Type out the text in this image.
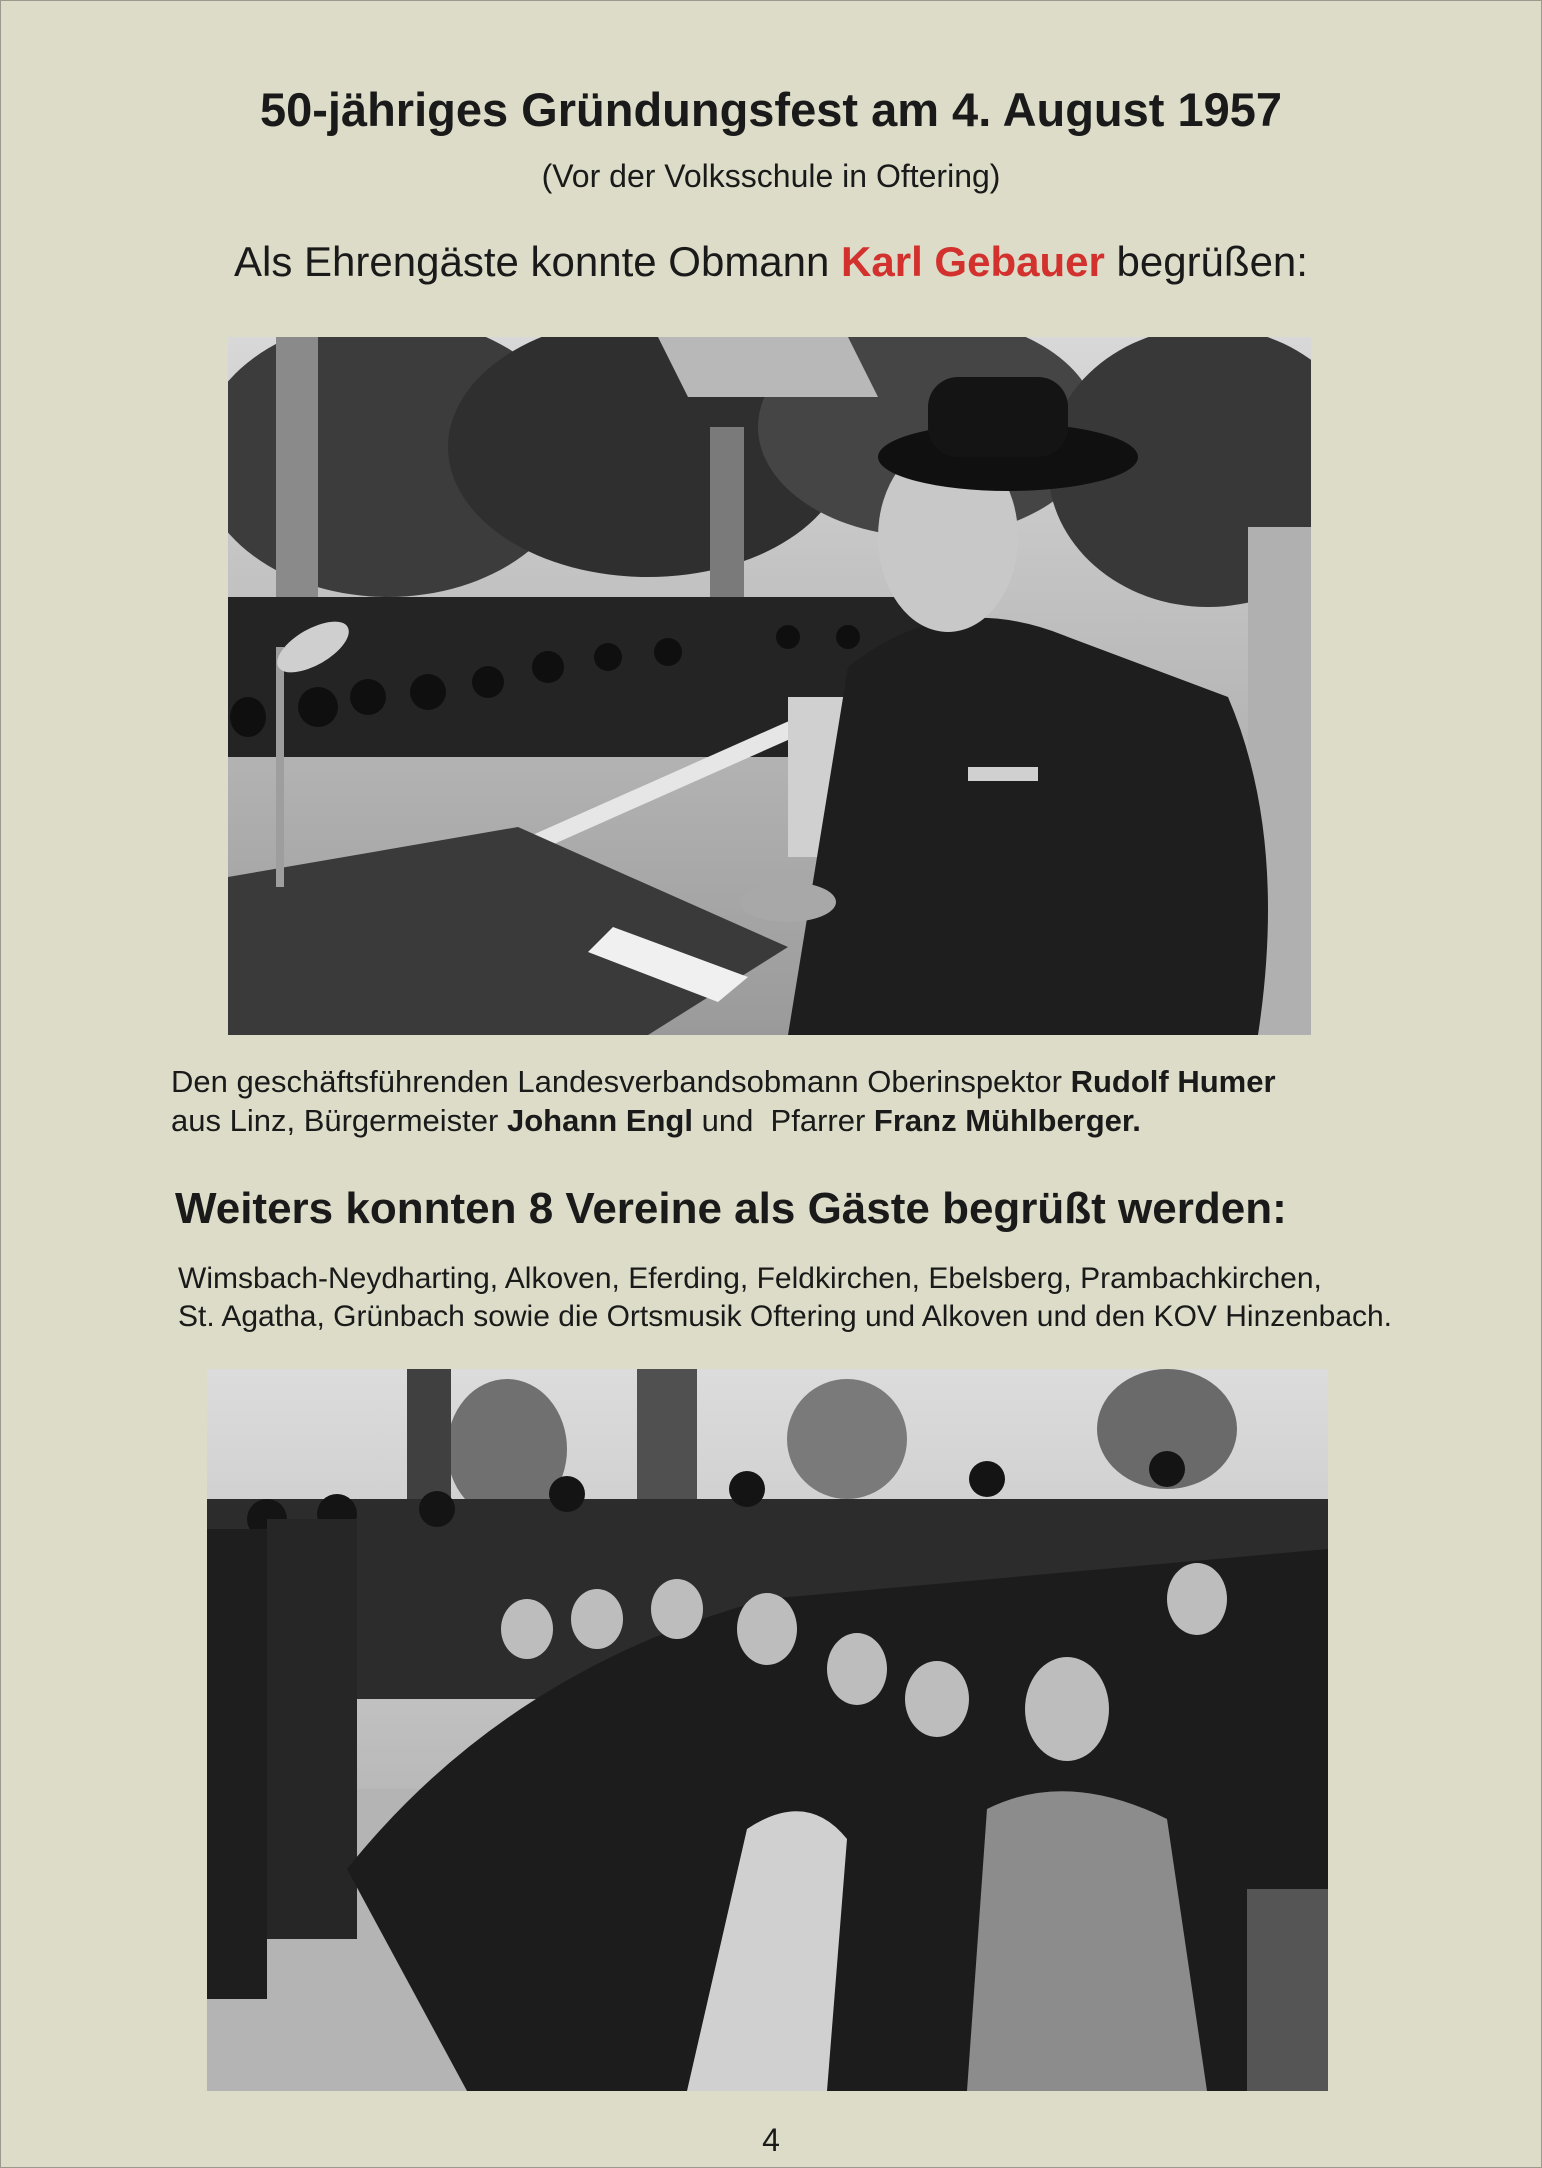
50-jähriges Gründungsfest am 4. August 1957
(Vor der Volksschule in Oftering)
Als Ehrengäste konnte Obmann Karl Gebauer begrüßen:
Den geschäftsführenden Landesverbandsobmann Oberinspektor Rudolf Humer
aus Linz, Bürgermeister Johann Engl und  Pfarrer Franz Mühlberger.
Weiters konnten 8 Vereine als Gäste begrüßt werden:
Wimsbach-Neydharting, Alkoven, Eferding, Feldkirchen, Ebelsberg, Prambachkirchen,
St. Agatha, Grünbach sowie die Ortsmusik Oftering und Alkoven und den KOV Hinzenbach.
4
